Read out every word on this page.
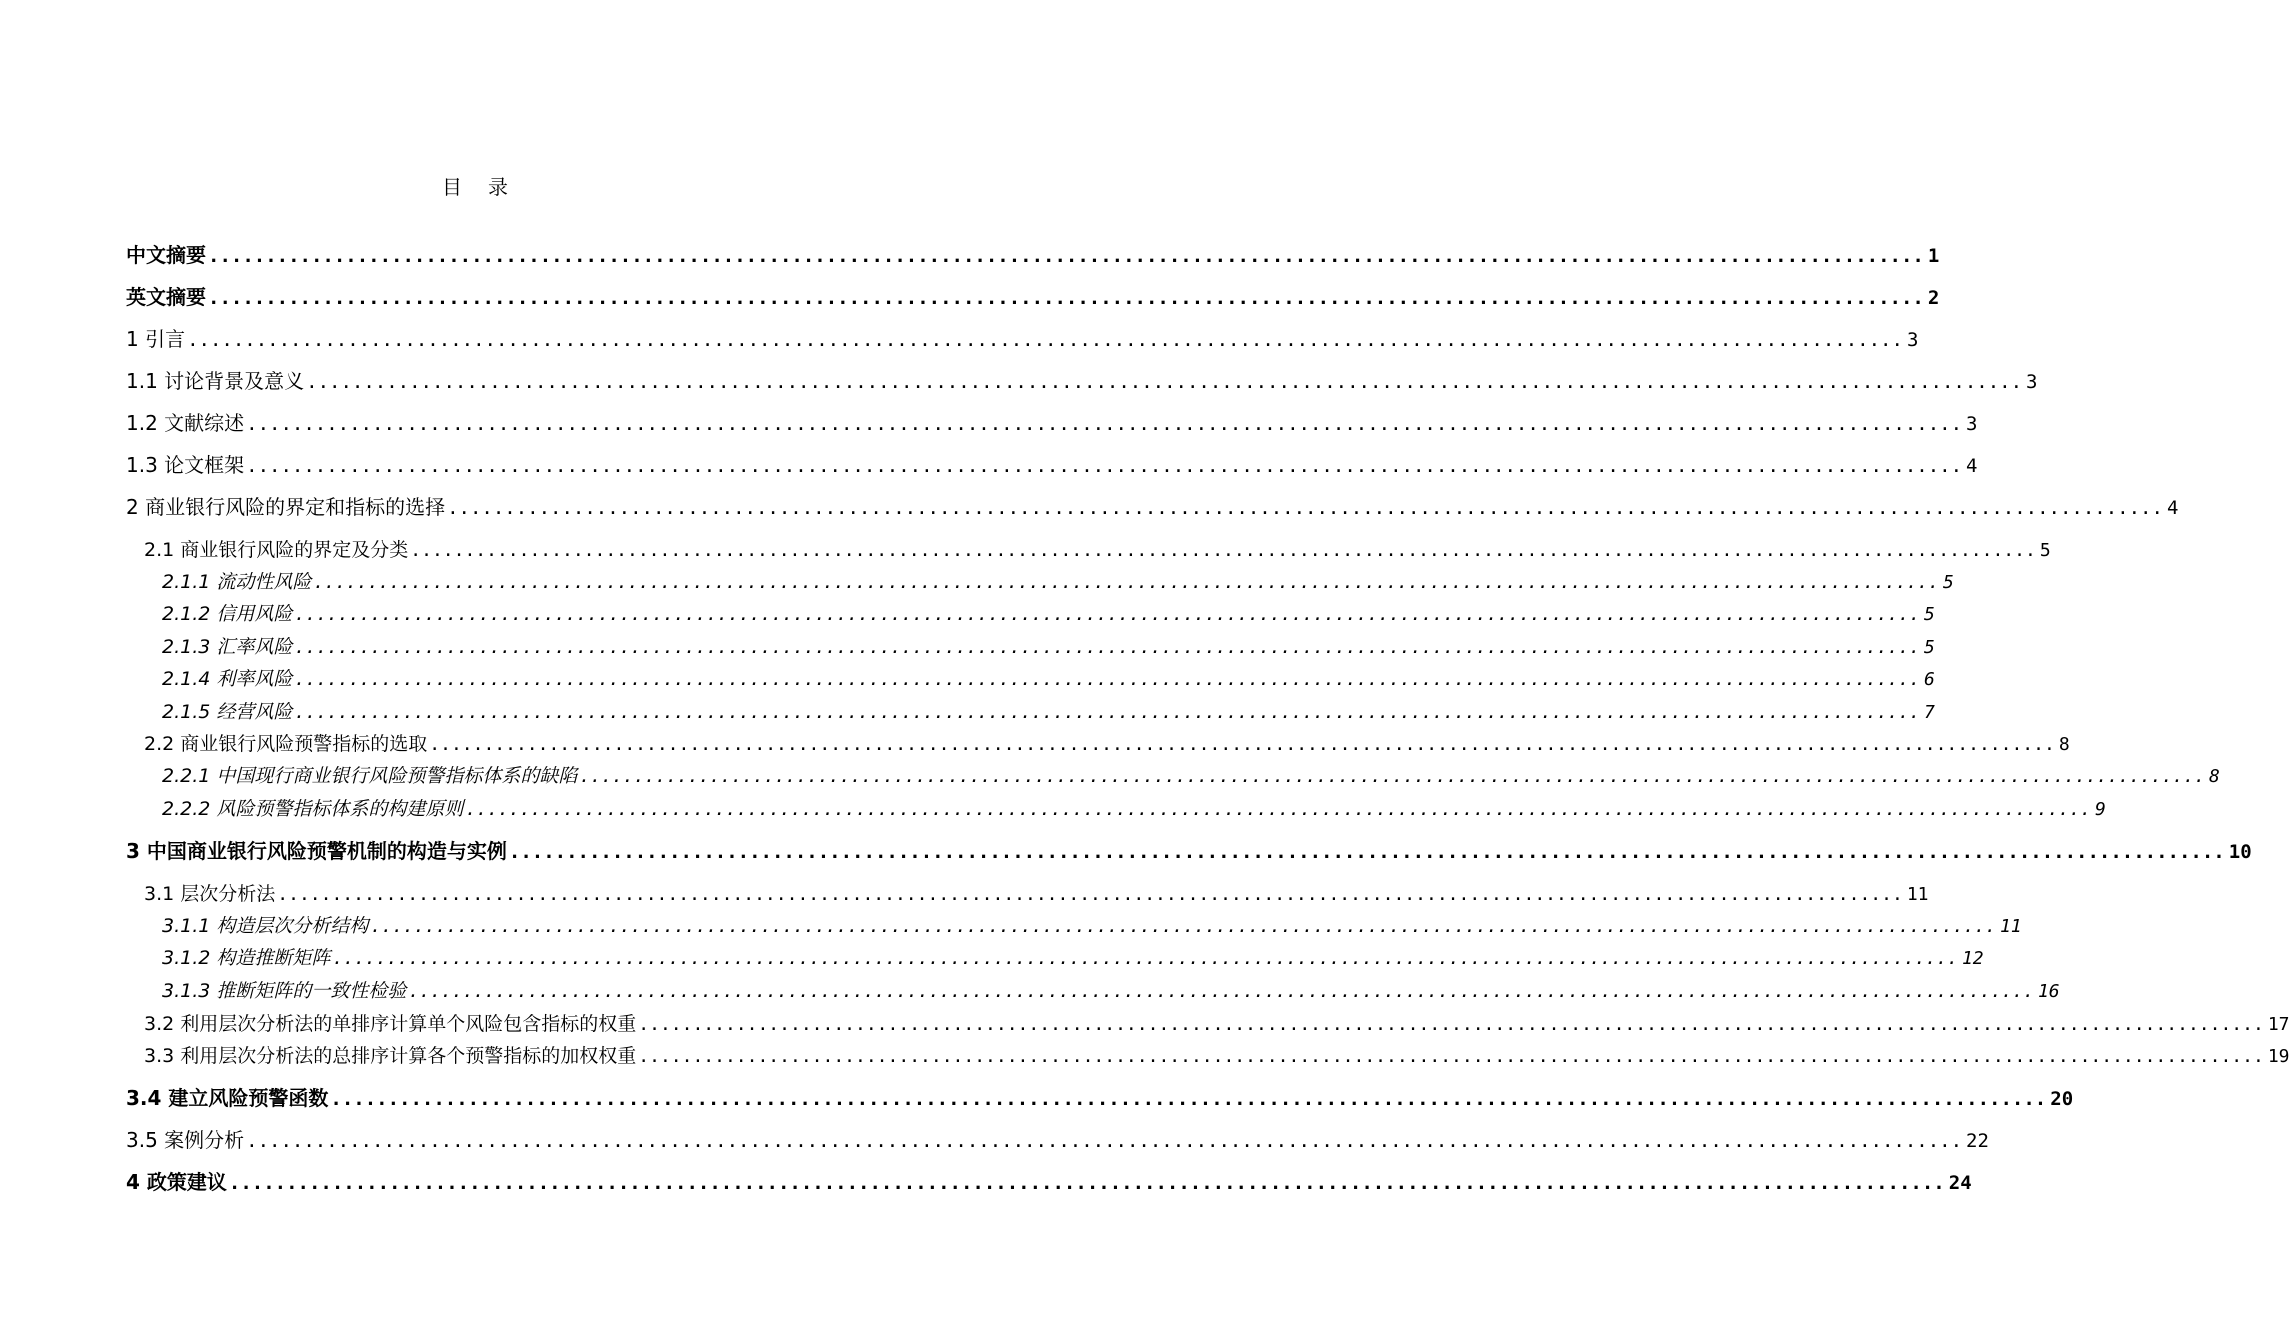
目 录
中文摘要 ...................................................................................................................................................... 1
英文摘要 ...................................................................................................................................................... 2
1 引言 ...................................................................................................................................................... 3
1.1 讨论背景及意义 ...................................................................................................................................................... 3
1.2 文献综述 ...................................................................................................................................................... 3
1.3 论文框架 ...................................................................................................................................................... 4
2 商业银行风险的界定和指标的选择 ...................................................................................................................................................... 4
2.1 商业银行风险的界定及分类 ...................................................................................................................................................... 5
2.1.1 流动性风险 ...................................................................................................................................................... 5
2.1.2 信用风险 ...................................................................................................................................................... 5
2.1.3 汇率风险 ...................................................................................................................................................... 5
2.1.4 利率风险 ...................................................................................................................................................... 6
2.1.5 经营风险 ...................................................................................................................................................... 7
2.2 商业银行风险预警指标的选取 ...................................................................................................................................................... 8
2.2.1 中国现行商业银行风险预警指标体系的缺陷 ...................................................................................................................................................... 8
2.2.2 风险预警指标体系的构建原则 ...................................................................................................................................................... 9
3 中国商业银行风险预警机制的构造与实例 ...................................................................................................................................................... 10
3.1 层次分析法 ...................................................................................................................................................... 11
3.1.1 构造层次分析结构 ...................................................................................................................................................... 11
3.1.2 构造推断矩阵 ...................................................................................................................................................... 12
3.1.3 推断矩阵的一致性检验 ...................................................................................................................................................... 16
3.2 利用层次分析法的单排序计算单个风险包含指标的权重 ...................................................................................................................................................... 17
3.3 利用层次分析法的总排序计算各个预警指标的加权权重 ...................................................................................................................................................... 19
3.4 建立风险预警函数 ...................................................................................................................................................... 20
3.5 案例分析 ...................................................................................................................................................... 22
4 政策建议 ...................................................................................................................................................... 24
